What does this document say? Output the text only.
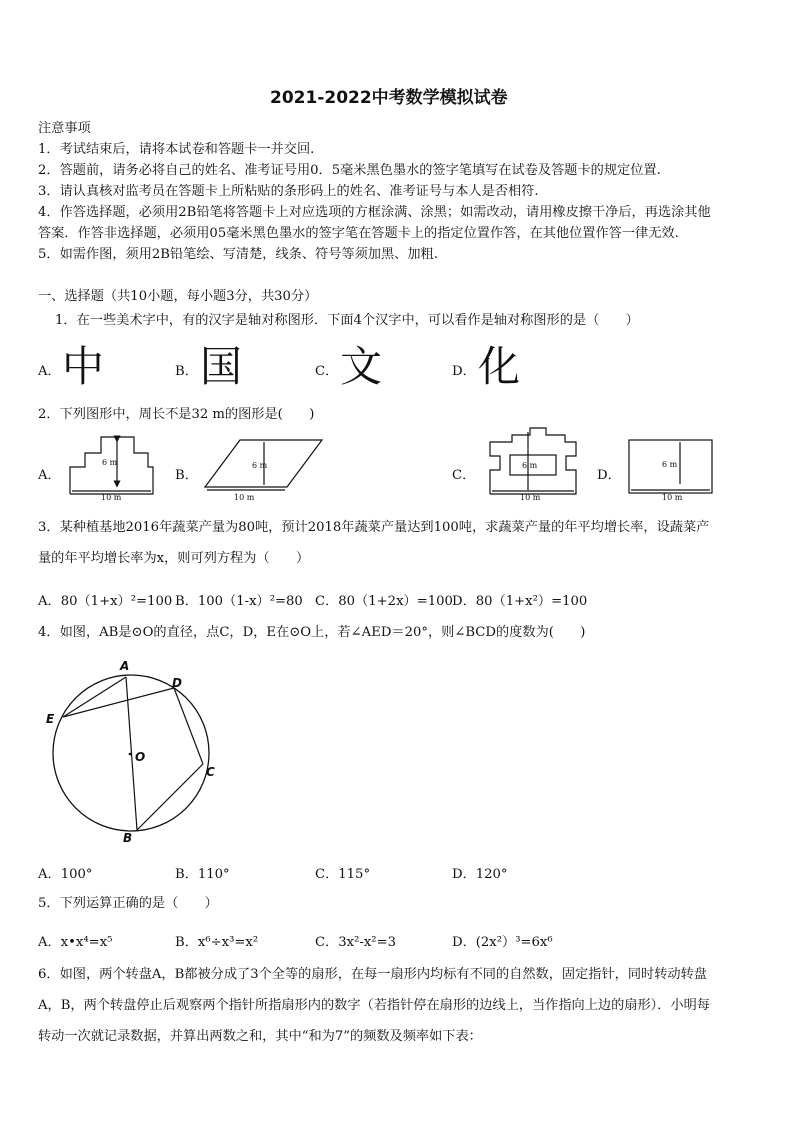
2021-2022中考数学模拟试卷
注意事项
1．考试结束后，请将本试卷和答题卡一并交回.
2．答题前，请务必将自己的姓名、准考证号用0．5毫米黑色墨水的签字笔填写在试卷及答题卡的规定位置.
3．请认真核对监考员在答题卡上所粘贴的条形码上的姓名、准考证号与本人是否相符.
4．作答选择题，必须用2B铅笔将答题卡上对应选项的方框涂满、涂黑；如需改动，请用橡皮擦干净后，再选涂其他
答案．作答非选择题，必须用05毫米黑色墨水的签字笔在答题卡上的指定位置作答，在其他位置作答一律无效.
5．如需作图，须用2B铅笔绘、写清楚，线条、符号等须加黑、加粗.
一、选择题（共10小题，每小题3分，共30分）
1．在一些美术字中，有的汉字是轴对称图形．下面4个汉字中，可以看作是轴对称图形的是（　　）
A． 中	B． 国	C． 文	D． 化
2．下列图形中，周长不是32 m的图形是(　　)
A．	B．	C．	D．
6 m
10 m
6 m
10 m
6 m
10 m
6 m
10 m
3．某种植基地2016年蔬菜产量为80吨，预计2018年蔬菜产量达到100吨，求蔬菜产量的年平均增长率，设蔬菜产
量的年平均增长率为x，则可列方程为（　　）
A．80（1+x）²=100 B．100（1-x）²=80 C．80（1+2x）=100 D．80（1+x²）=100
4．如图，AB是⊙O的直径，点C，D，E在⊙O上，若∠AED＝20°，则∠BCD的度数为(　　)
A
D
E
O
C
B
A．100°	B．110°	C．115°	D．120°
5．下列运算正确的是（　　）
A．x•x⁴=x⁵	B．x⁶÷x³=x²	C．3x²-x²=3	D．(2x²）³=6x⁶
6．如图，两个转盘A，B都被分成了3个全等的扇形，在每一扇形内均标有不同的自然数，固定指针，同时转动转盘
A，B，两个转盘停止后观察两个指针所指扇形内的数字（若指针停在扇形的边线上，当作指向上边的扇形）．小明每
转动一次就记录数据，并算出两数之和，其中“和为7”的频数及频率如下表：
